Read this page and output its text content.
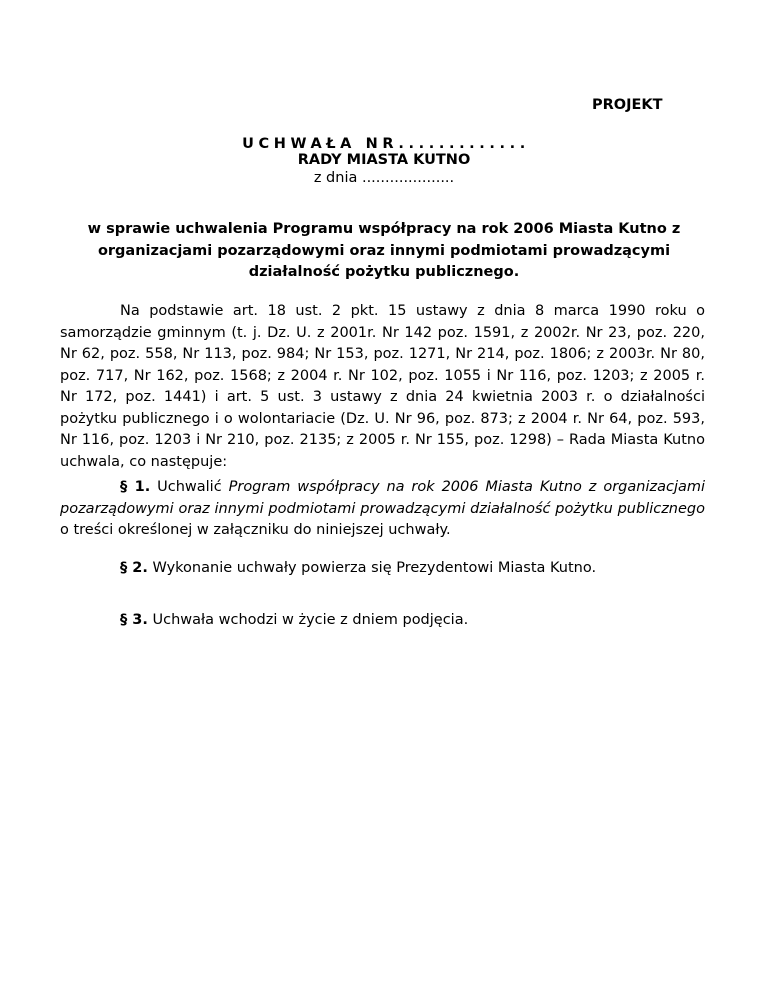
PROJEKT
UCHWAŁA NR.............
RADY MIASTA KUTNO
z dnia ....................
w sprawie uchwalenia Programu współpracy na rok 2006 Miasta Kutno z organizacjami pozarządowymi oraz innymi podmiotami prowadzącymi działalność pożytku publicznego.
Na podstawie art. 18 ust. 2 pkt. 15 ustawy z dnia 8 marca 1990 roku o samorządzie gminnym (t. j. Dz. U. z 2001r. Nr 142 poz. 1591, z 2002r. Nr 23, poz. 220, Nr 62, poz. 558, Nr 113, poz. 984; Nr 153, poz. 1271, Nr 214, poz. 1806; z 2003r. Nr 80, poz. 717, Nr 162, poz. 1568; z 2004 r. Nr 102, poz. 1055 i Nr 116, poz. 1203; z 2005 r. Nr 172, poz. 1441) i art. 5 ust. 3 ustawy z dnia 24 kwietnia 2003 r. o działalności pożytku publicznego i o wolontariacie (Dz. U. Nr 96, poz. 873; z 2004 r. Nr 64, poz. 593, Nr 116, poz. 1203 i Nr 210, poz. 2135; z 2005 r. Nr 155, poz. 1298) – Rada Miasta Kutno uchwala, co następuje:
§ 1. Uchwalić Program współpracy na rok 2006 Miasta Kutno z organizacjami pozarządowymi oraz innymi podmiotami prowadzącymi działalność pożytku publicznego o treści określonej w załączniku do niniejszej uchwały.
§ 2. Wykonanie uchwały powierza się Prezydentowi Miasta Kutno.
§ 3. Uchwała wchodzi w życie z dniem podjęcia.
